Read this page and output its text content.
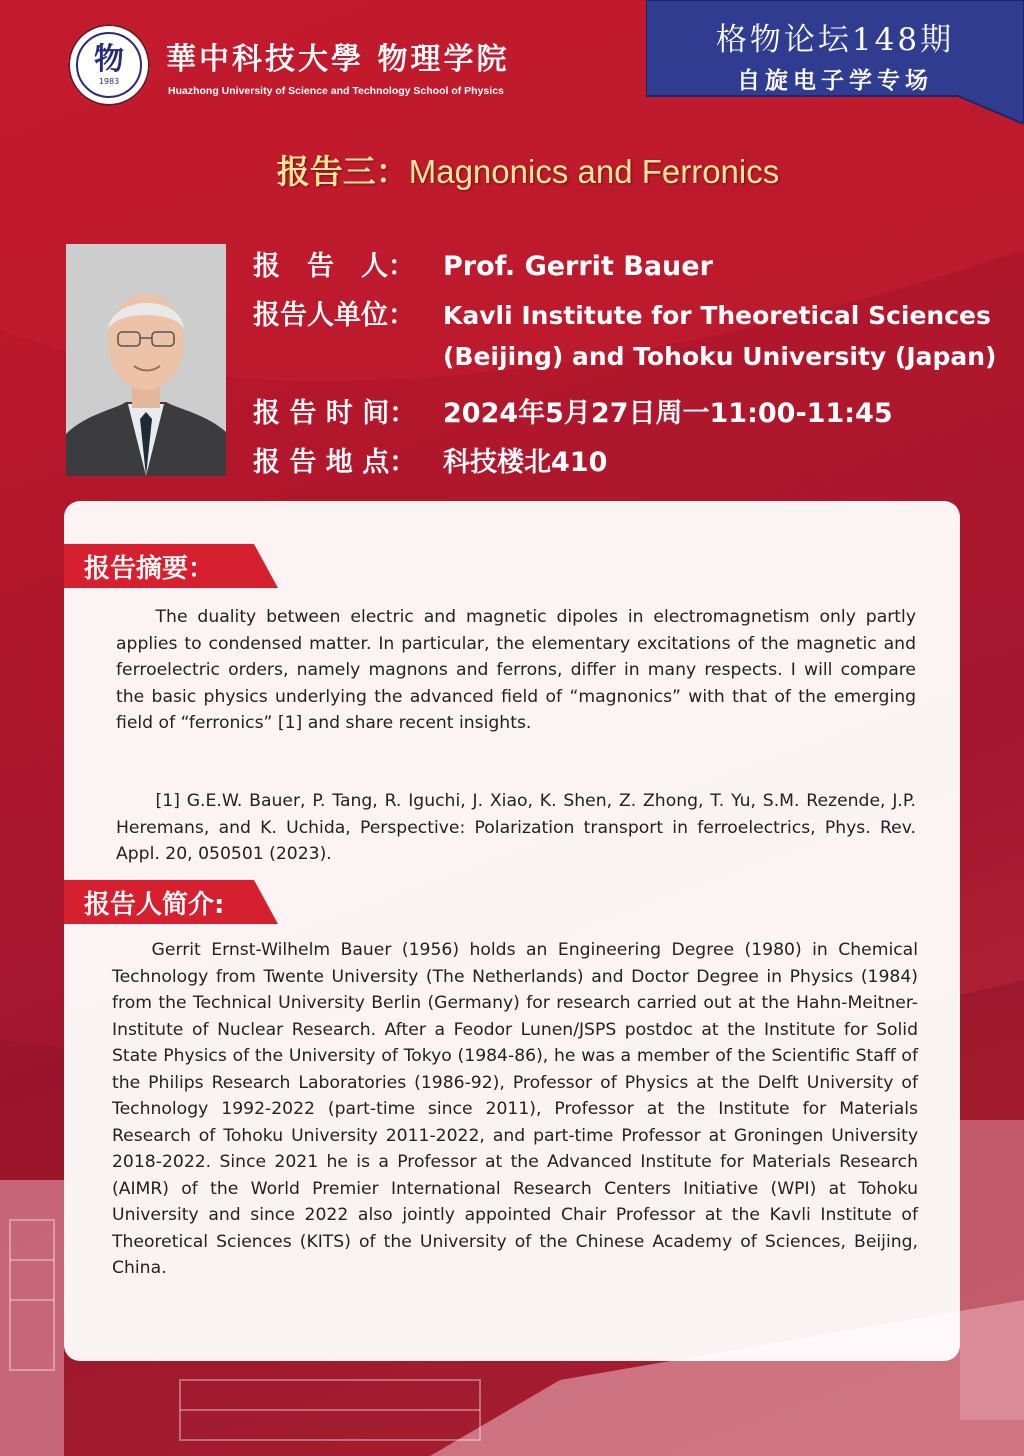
物
1983
華中科技大學 物理学院
Huazhong University of Science and Technology School of Physics
格物论坛148期
自旋电子学专场
报告三：Magnonics and Ferronics
报　告　人： Prof. Gerrit Bauer
报告人单位： Kavli Institute for Theoretical Sciences
(Beijing) and Tohoku University (Japan)
报 告 时 间： 2024年5月27日周一11:00-11:45
报 告 地 点： 科技楼北410
报告摘要：
The duality between electric and magnetic dipoles in electromagnetism only partly applies to condensed matter. In particular, the elementary excitations of the magnetic and ferroelectric orders, namely magnons and ferrons, differ in many respects. I will compare the basic physics underlying the advanced field of “magnonics” with that of the emerging field of “ferronics” [1] and share recent insights.
[1] G.E.W. Bauer, P. Tang, R. Iguchi, J. Xiao, K. Shen, Z. Zhong, T. Yu, S.M. Rezende, J.P. Heremans, and K. Uchida, Perspective: Polarization transport in ferroelectrics, Phys. Rev. Appl. 20, 050501 (2023).
报告人简介:
Gerrit Ernst-Wilhelm Bauer (1956) holds an Engineering Degree (1980) in Chemical Technology from Twente University (The Netherlands) and Doctor Degree in Physics (1984) from the Technical University Berlin (Germany) for research carried out at the Hahn-Meitner-Institute of Nuclear Research. After a Feodor Lunen/JSPS postdoc at the Institute for Solid State Physics of the University of Tokyo (1984-86), he was a member of the Scientific Staff of the Philips Research Laboratories (1986-92), Professor of Physics at the Delft University of Technology 1992-2022 (part-time since 2011), Professor at the Institute for Materials Research of Tohoku University 2011-2022, and part-time Professor at Groningen University 2018-2022. Since 2021 he is a Professor at the Advanced Institute for Materials Research (AIMR) of the World Premier International Research Centers Initiative (WPI) at Tohoku University and since 2022 also jointly appointed Chair Professor at the Kavli Institute of Theoretical Sciences (KITS) of the University of the Chinese Academy of Sciences, Beijing, China.
